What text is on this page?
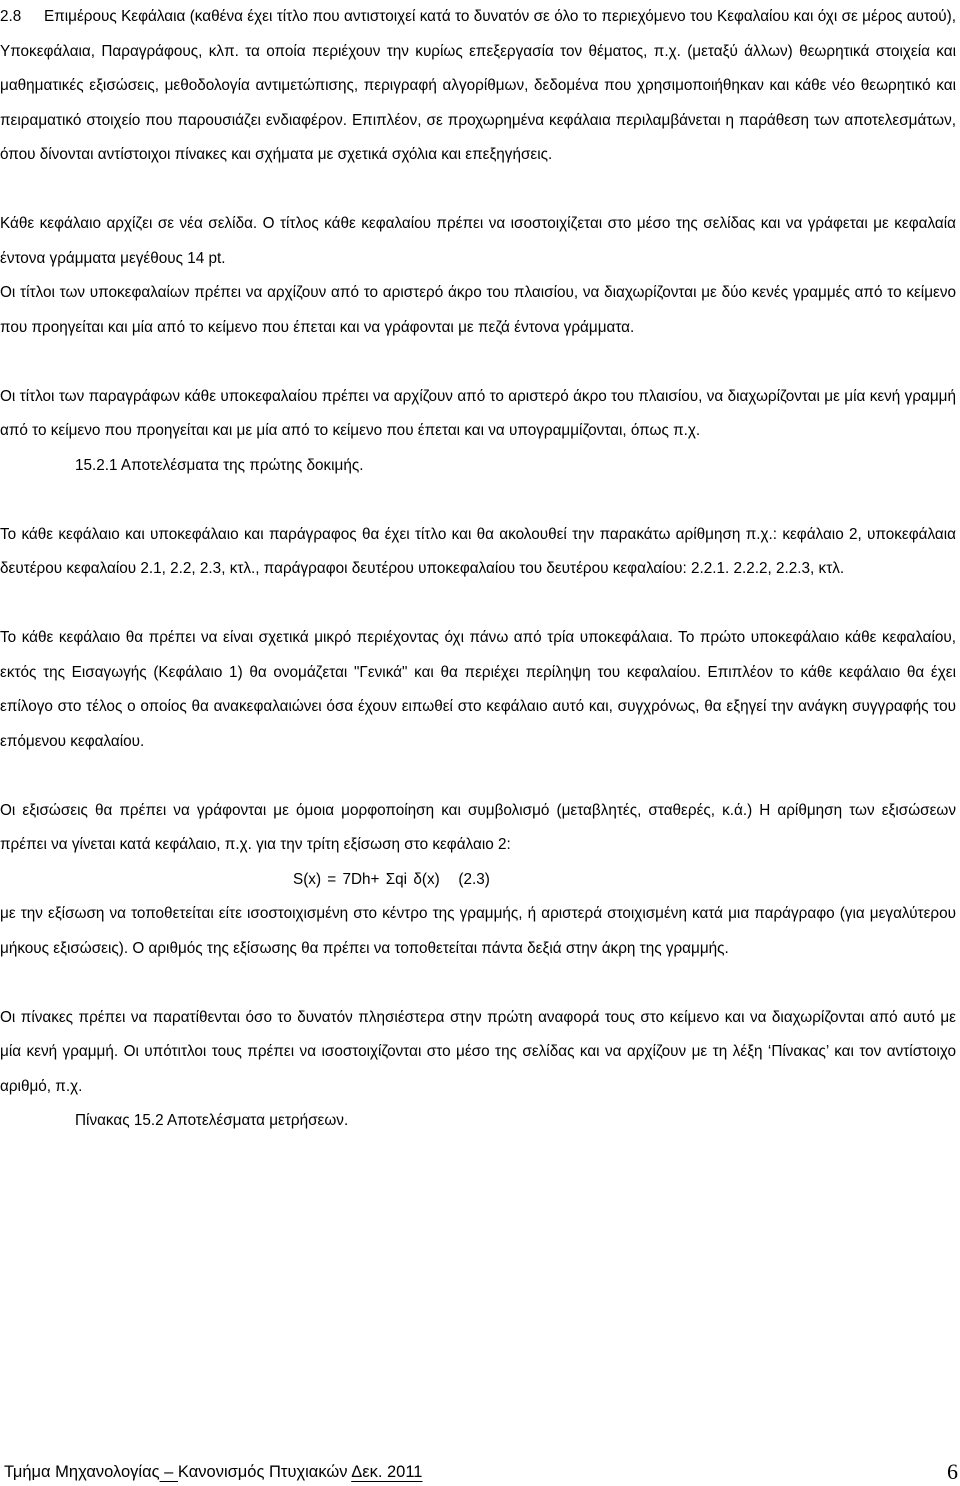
2.8 Επιμέρους Κεφάλαια (καθένα έχει τίτλο που αντιστοιχεί κατά το δυνατόν σε όλο το περιεχόμενο του Κεφαλαίου και όχι σε μέρος αυτού), Υποκεφάλαια, Παραγράφους, κλπ. τα οποία περιέχουν την κυρίως επεξεργασία τον θέματος, π.χ. (μεταξύ άλλων) θεωρητικά στοιχεία και μαθηματικές εξισώσεις, μεθοδολογία αντιμετώπισης, περιγραφή αλγορίθμων, δεδομένα που χρησιμοποιήθηκαν και κάθε νέο θεωρητικό και πειραματικό στοιχείο που παρουσιάζει ενδιαφέρον. Επιπλέον, σε προχωρημένα κεφάλαια περιλαμβάνεται η παράθεση των αποτελεσμάτων, όπου δίνονται αντίστοιχοι πίνακες και σχήματα με σχετικά σχόλια και επεξηγήσεις.

Κάθε κεφάλαιο αρχίζει σε νέα σελίδα. Ο τίτλος κάθε κεφαλαίου πρέπει να ισοστοιχίζεται στο μέσο της σελίδας και να γράφεται με κεφαλαία έντονα γράμματα μεγέθους 14 pt.

Οι τίτλοι των υποκεφαλαίων πρέπει να αρχίζουν από το αριστερό άκρο του πλαισίου, να διαχωρίζονται με δύο κενές γραμμές από το κείμενο που προηγείται και μία από το κείμενο που έπεται και να γράφονται με πεζά έντονα γράμματα.

Οι τίτλοι των παραγράφων κάθε υποκεφαλαίου πρέπει να αρχίζουν από το αριστερό άκρο του πλαισίου, να διαχωρίζονται με μία κενή γραμμή από το κείμενο που προηγείται και με μία από το κείμενο που έπεται και να υπογραμμίζονται, όπως π.χ.

15.2.1 Αποτελέσματα της πρώτης δοκιμής.

Το κάθε κεφάλαιο και υποκεφάλαιο και παράγραφος θα έχει τίτλο και θα ακολουθεί την παρακάτω αρίθμηση π.χ.: κεφάλαιο 2, υποκεφάλαια δευτέρου κεφαλαίου 2.1, 2.2, 2.3, κτλ., παράγραφοι δευτέρου υποκεφαλαίου του δευτέρου κεφαλαίου: 2.2.1. 2.2.2, 2.2.3, κτλ.

Το κάθε κεφάλαιο θα πρέπει να είναι σχετικά μικρό περιέχοντας όχι πάνω από τρία υποκεφάλαια. Το πρώτο υποκεφάλαιο κάθε κεφαλαίου, εκτός της Εισαγωγής (Κεφάλαιο 1) θα ονομάζεται "Γενικά" και θα περιέχει περίληψη του κεφαλαίου. Επιπλέον το κάθε κεφάλαιο θα έχει επίλογο στο τέλος ο οποίος θα ανακεφαλαιώνει όσα έχουν ειπωθεί στο κεφάλαιο αυτό και, συγχρόνως, θα εξηγεί την ανάγκη συγγραφής του επόμενου κεφαλαίου.

Οι εξισώσεις θα πρέπει να γράφονται με όμοια μορφοποίηση και συμβολισμό (μεταβλητές, σταθερές, κ.ά.) Η αρίθμηση των εξισώσεων πρέπει να γίνεται κατά κεφάλαιο, π.χ. για την τρίτη εξίσωση στο κεφάλαιο 2:

S(x) = 7Dh+ Σqi δ(x)   (2.3)

με την εξίσωση να τοποθετείται είτε ισοστοιχισμένη στο κέντρο της γραμμής, ή αριστερά στοιχισμένη κατά μια παράγραφο (για μεγαλύτερου μήκους εξισώσεις). Ο αριθμός της εξίσωσης θα πρέπει να τοποθετείται πάντα δεξιά στην άκρη της γραμμής.

Οι πίνακες πρέπει να παρατίθενται όσο το δυνατόν πλησιέστερα στην πρώτη αναφορά τους στο κείμενο και να διαχωρίζονται από αυτό με μία κενή γραμμή. Οι υπότιτλοι τους πρέπει να ισοστοιχίζονται στο μέσο της σελίδας και να αρχίζουν με τη λέξη ‘Πίνακας’ και τον αντίστοιχο αριθμό, π.χ.

Πίνακας 15.2 Αποτελέσματα μετρήσεων.

Τμήμα Μηχανολογίας – Κανονισμός Πτυχιακών Δεκ. 2011	6
